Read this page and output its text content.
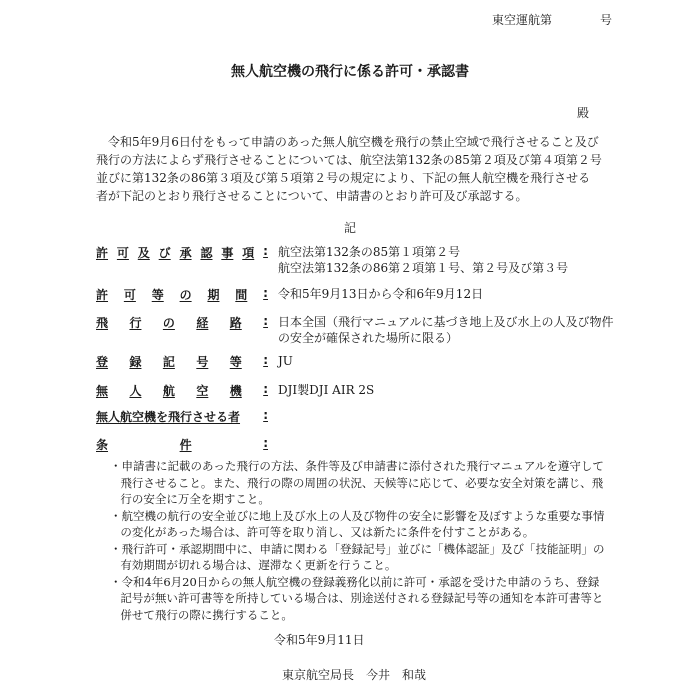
東空運航第　	号
無人航空機の飛行に係る許可・承認書
殿

令和5年9月6日付をもって申請のあった無人航空機を飛行の禁止空域で飛行させること及び飛行の方法によらず飛行させることについては、航空法第132条の85第２項及び第４項第２号並びに第132条の86第３項及び第５項第２号の規定により、下記の無人航空機を飛行させる者が下記のとおり飛行させることについて、申請書のとおり許可及び承認する。

記
許 可 及 び 承 認 事 項 : 航空法第132条の85第１項第２号
航空法第132条の86第２項第１号、第２号及び第３号
許 可 等 の 期 間 : 令和5年9月13日から令和6年9月12日
飛 行 の 経 路 : 日本全国（飛行マニュアルに基づき地上及び水上の人及び物件の安全が確保された場所に限る）
登 録 記 号 等 : JU
無 人 航 空 機 : DJI製DJI AIR 2S
無人航空機を飛行させる者 :
条	件	:
・申請書に記載のあった飛行の方法、条件等及び申請書に添付された飛行マニュアルを遵守して飛行させること。また、飛行の際の周囲の状況、天候等に応じて、必要な安全対策を講じ、飛行の安全に万全を期すこと。
・航空機の航行の安全並びに地上及び水上の人及び物件の安全に影響を及ぼすような重要な事情の変化があった場合は、許可等を取り消し、又は新たに条件を付すことがある。
・飛行許可・承認期間中に、申請に関わる「登録記号」並びに「機体認証」及び「技能証明」の有効期間が切れる場合は、遅滞なく更新を行うこと。
・令和4年6月20日からの無人航空機の登録義務化以前に許可・承認を受けた申請のうち、登録記号が無い許可書等を所持している場合は、別途送付される登録記号等の通知を本許可書等と併せて飛行の際に携行すること。
令和5年9月11日
東京航空局長　今井　和哉
